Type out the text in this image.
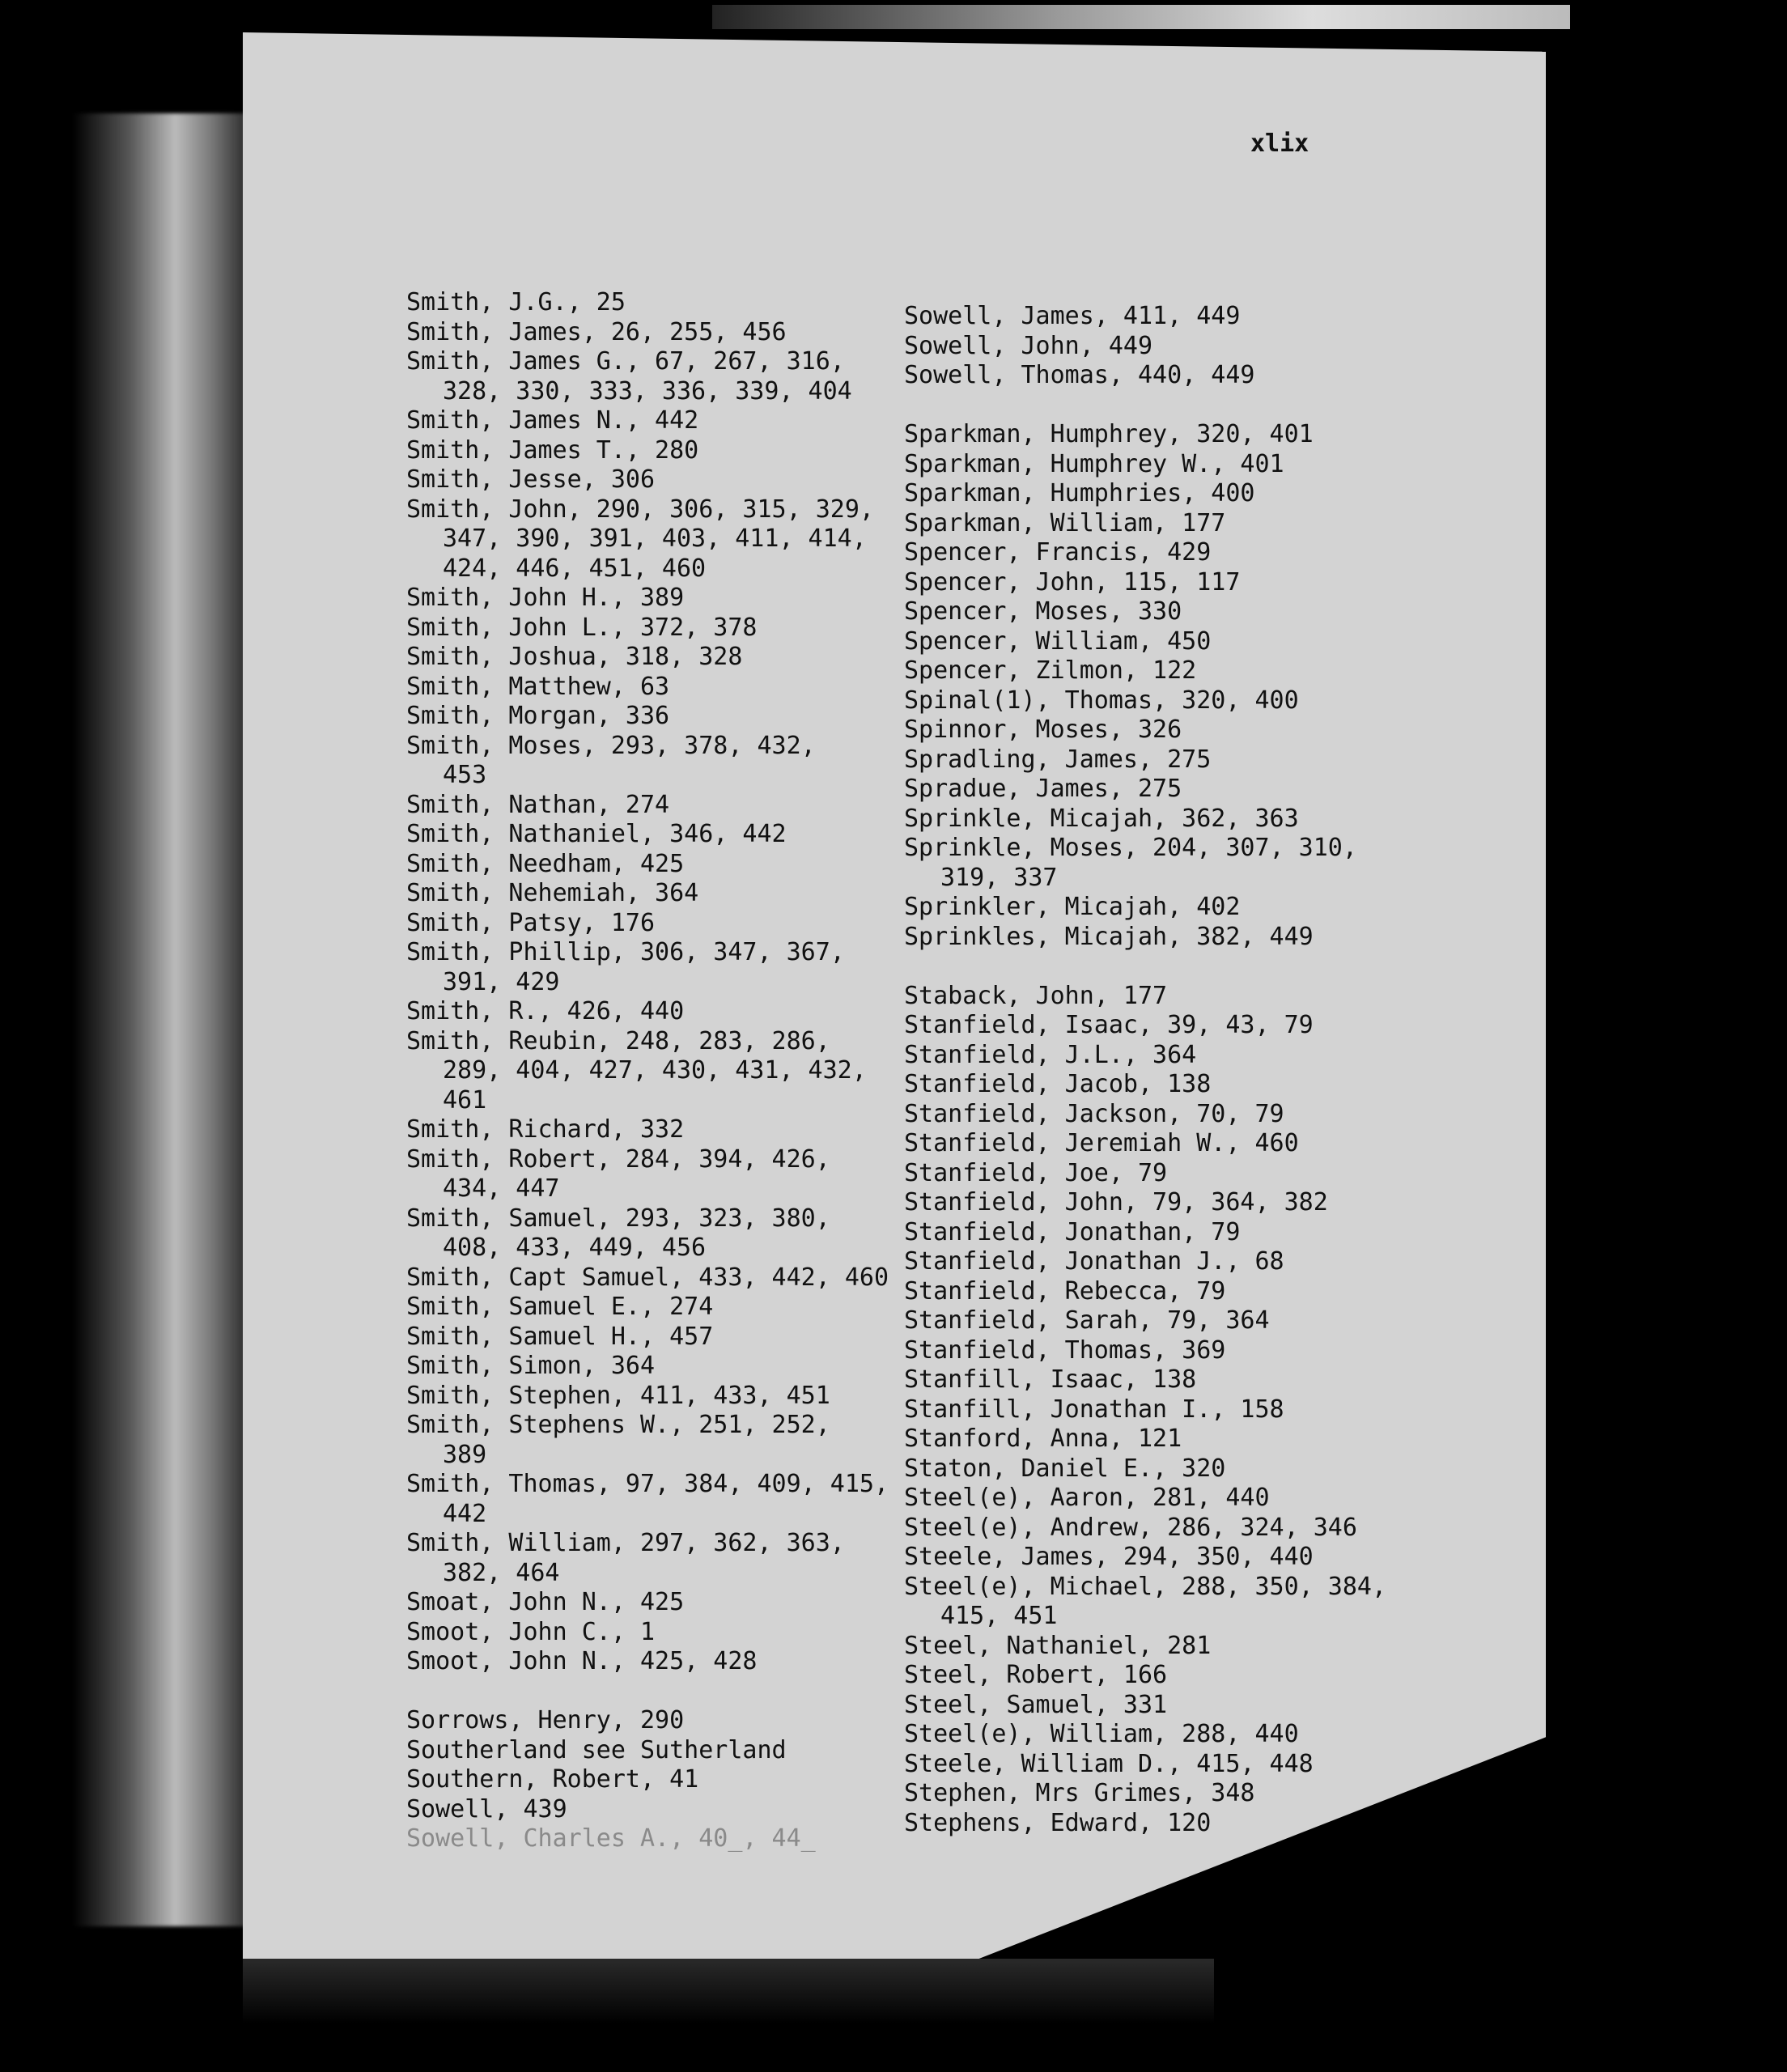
xlix

Smith, J.G., 25
Smith, James, 26, 255, 456
Smith, James G., 67, 267, 316,
328, 330, 333, 336, 339, 404
Smith, James N., 442
Smith, James T., 280
Smith, Jesse, 306
Smith, John, 290, 306, 315, 329,
347, 390, 391, 403, 411, 414,
424, 446, 451, 460
Smith, John H., 389
Smith, John L., 372, 378
Smith, Joshua, 318, 328
Smith, Matthew, 63
Smith, Morgan, 336
Smith, Moses, 293, 378, 432,
453
Smith, Nathan, 274
Smith, Nathaniel, 346, 442
Smith, Needham, 425
Smith, Nehemiah, 364
Smith, Patsy, 176
Smith, Phillip, 306, 347, 367,
391, 429
Smith, R., 426, 440
Smith, Reubin, 248, 283, 286,
289, 404, 427, 430, 431, 432,
461
Smith, Richard, 332
Smith, Robert, 284, 394, 426,
434, 447
Smith, Samuel, 293, 323, 380,
408, 433, 449, 456
Smith, Capt Samuel, 433, 442, 460
Smith, Samuel E., 274
Smith, Samuel H., 457
Smith, Simon, 364
Smith, Stephen, 411, 433, 451
Smith, Stephens W., 251, 252,
389
Smith, Thomas, 97, 384, 409, 415,
442
Smith, William, 297, 362, 363,
382, 464
Smoat, John N., 425
Smoot, John C., 1
Smoot, John N., 425, 428
Sorrows, Henry, 290
Southerland see Sutherland
Southern, Robert, 41
Sowell, 439
Sowell, Charles A., 40_, 44_
Sowell, James, 411, 449
Sowell, John, 449
Sowell, Thomas, 440, 449
Sparkman, Humphrey, 320, 401
Sparkman, Humphrey W., 401
Sparkman, Humphries, 400
Sparkman, William, 177
Spencer, Francis, 429
Spencer, John, 115, 117
Spencer, Moses, 330
Spencer, William, 450
Spencer, Zilmon, 122
Spinal(1), Thomas, 320, 400
Spinnor, Moses, 326
Spradling, James, 275
Spradue, James, 275
Sprinkle, Micajah, 362, 363
Sprinkle, Moses, 204, 307, 310,
319, 337
Sprinkler, Micajah, 402
Sprinkles, Micajah, 382, 449
Staback, John, 177
Stanfield, Isaac, 39, 43, 79
Stanfield, J.L., 364
Stanfield, Jacob, 138
Stanfield, Jackson, 70, 79
Stanfield, Jeremiah W., 460
Stanfield, Joe, 79
Stanfield, John, 79, 364, 382
Stanfield, Jonathan, 79
Stanfield, Jonathan J., 68
Stanfield, Rebecca, 79
Stanfield, Sarah, 79, 364
Stanfield, Thomas, 369
Stanfill, Isaac, 138
Stanfill, Jonathan I., 158
Stanford, Anna, 121
Staton, Daniel E., 320
Steel(e), Aaron, 281, 440
Steel(e), Andrew, 286, 324, 346
Steele, James, 294, 350, 440
Steel(e), Michael, 288, 350, 384,
415, 451
Steel, Nathaniel, 281
Steel, Robert, 166
Steel, Samuel, 331
Steel(e), William, 288, 440
Steele, William D., 415, 448
Stephen, Mrs Grimes, 348
Stephens, Edward, 120
